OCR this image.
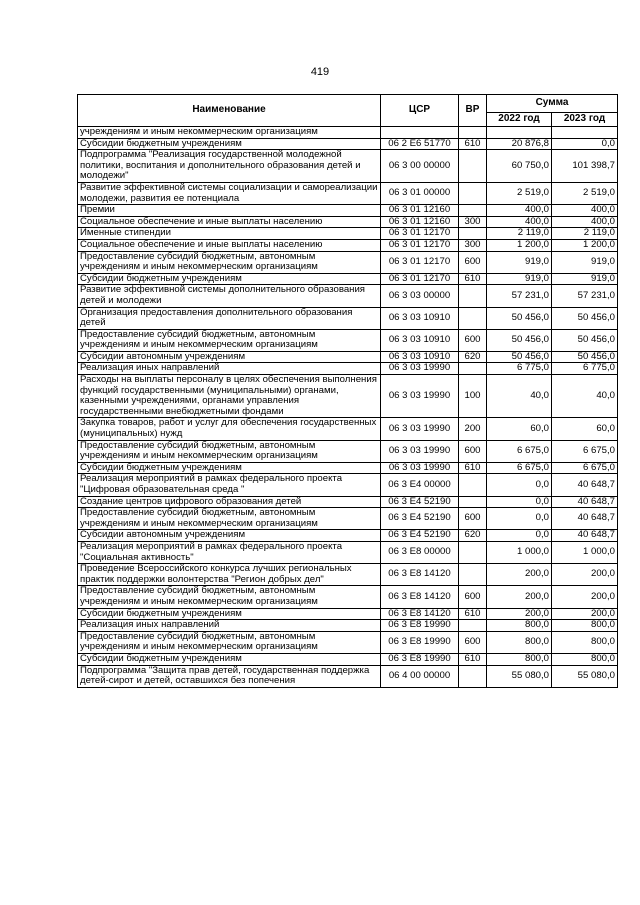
419
Наименование	ЦСР	ВР	Сумма	
			2022 год	2023 год
учреждениям и иным некоммерческим организациям				
Субсидии бюджетным учреждениям	06 2 E6 51770	610	20 876,8	0,0
Подпрограмма "Реализация государственной молодежной политики, воспитания и дополнительного образования детей и молодежи"	06 3 00 00000		60 750,0	101 398,7
Развитие эффективной системы социализации и самореализации молодежи, развития ее потенциала	06 3 01 00000		2 519,0	2 519,0
Премии	06 3 01 12160		400,0	400,0
Социальное обеспечение и иные выплаты населению	06 3 01 12160	300	400,0	400,0
Именные стипендии	06 3 01 12170		2 119,0	2 119,0
Социальное обеспечение и иные выплаты населению	06 3 01 12170	300	1 200,0	1 200,0
Предоставление субсидий бюджетным, автономным учреждениям и иным некоммерческим организациям	06 3 01 12170	600	919,0	919,0
Субсидии бюджетным учреждениям	06 3 01 12170	610	919,0	919,0
Развитие эффективной системы дополнительного образования детей и молодежи	06 3 03 00000		57 231,0	57 231,0
Организация предоставления дополнительного образования детей	06 3 03 10910		50 456,0	50 456,0
Предоставление субсидий бюджетным, автономным учреждениям и иным некоммерческим организациям	06 3 03 10910	600	50 456,0	50 456,0
Субсидии автономным учреждениям	06 3 03 10910	620	50 456,0	50 456,0
Реализация иных направлений	06 3 03 19990		6 775,0	6 775,0
Расходы на выплаты персоналу в целях обеспечения выполнения функций государственными (муниципальными) органами, казенными учреждениями, органами управления государственными внебюджетными фондами	06 3 03 19990	100	40,0	40,0
Закупка товаров, работ и услуг для обеспечения государственных (муниципальных) нужд	06 3 03 19990	200	60,0	60,0
Предоставление субсидий бюджетным, автономным учреждениям и иным некоммерческим организациям	06 3 03 19990	600	6 675,0	6 675,0
Субсидии бюджетным учреждениям	06 3 03 19990	610	6 675,0	6 675,0
Реализация мероприятий в рамках федерального проекта "Цифровая образовательная среда "	06 3 E4 00000		0,0	40 648,7
Создание центров цифрового образования детей	06 3 E4 52190		0,0	40 648,7
Предоставление субсидий бюджетным, автономным учреждениям и иным некоммерческим организациям	06 3 E4 52190	600	0,0	40 648,7
Субсидии автономным учреждениям	06 3 E4 52190	620	0,0	40 648,7
Реализация мероприятий в рамках федерального проекта "Социальная активность"	06 3 E8 00000		1 000,0	1 000,0
Проведение Всероссийского конкурса лучших региональных практик поддержки волонтерства "Регион добрых дел"	06 3 E8 14120		200,0	200,0
Предоставление субсидий бюджетным, автономным учреждениям и иным некоммерческим организациям	06 3 E8 14120	600	200,0	200,0
Субсидии бюджетным учреждениям	06 3 E8 14120	610	200,0	200,0
Реализация иных направлений	06 3 E8 19990		800,0	800,0
Предоставление субсидий бюджетным, автономным учреждениям и иным некоммерческим организациям	06 3 E8 19990	600	800,0	800,0
Субсидии бюджетным учреждениям	06 3 E8 19990	610	800,0	800,0
Подпрограмма "Защита прав детей, государственная поддержка детей-сирот и детей, оставшихся без попечения	06 4 00 00000		55 080,0	55 080,0
